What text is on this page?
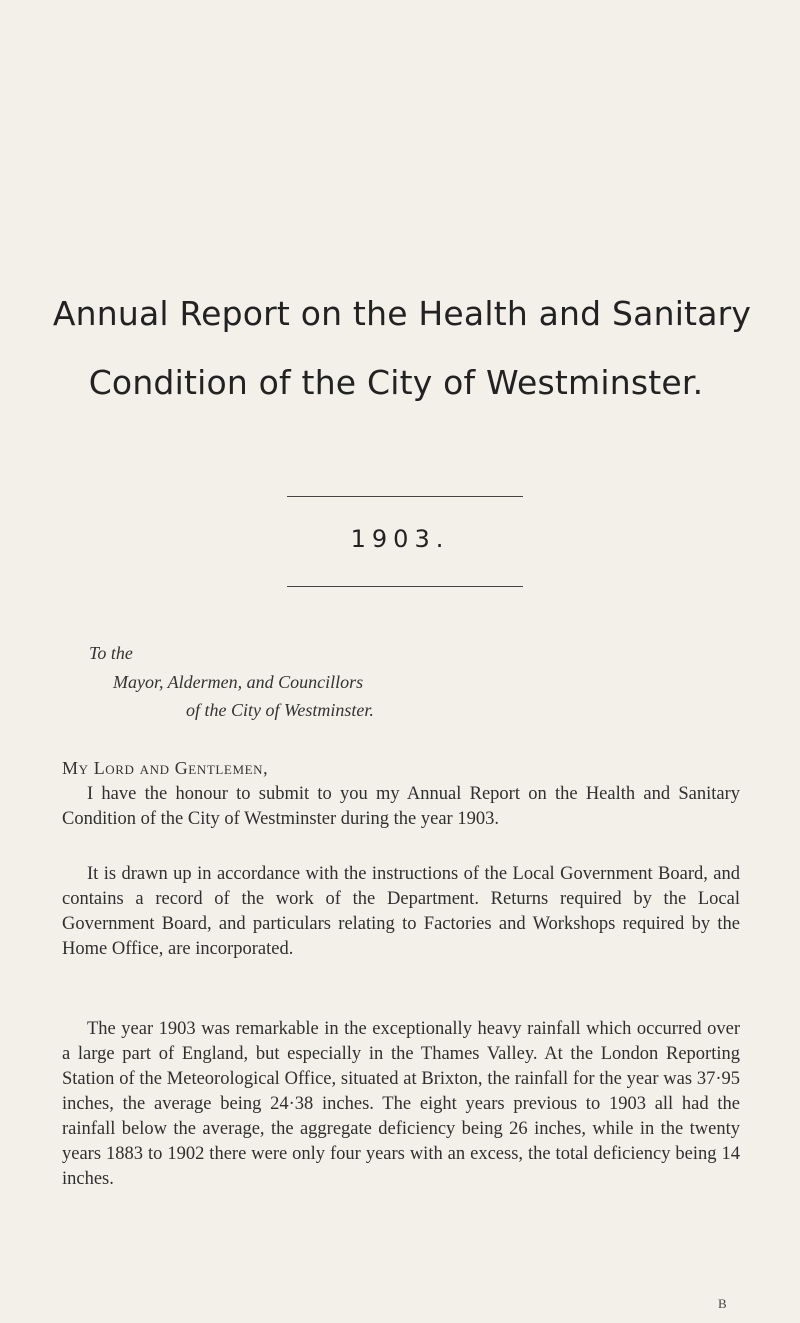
Annual Report on the Health and Sanitary
Condition of the City of Westminster.
1903.
To the
Mayor, Aldermen, and Councillors
of the City of Westminster.
My Lord and Gentlemen,

I have the honour to submit to you my Annual Report on the Health and Sanitary Condition of the City of Westminster during the year 1903.

It is drawn up in accordance with the instructions of the Local Government Board, and contains a record of the work of the Department. Returns required by the Local Government Board, and particulars relating to Factories and Workshops required by the Home Office, are incorporated.

The year 1903 was remarkable in the exceptionally heavy rainfall which occurred over a large part of England, but especially in the Thames Valley. At the London Reporting Station of the Meteorological Office, situated at Brixton, the rainfall for the year was 37·95 inches, the average being 24·38 inches. The eight years previous to 1903 all had the rainfall below the average, the aggregate deficiency being 26 inches, while in the twenty years 1883 to 1902 there were only four years with an excess, the total deficiency being 14 inches.

B
